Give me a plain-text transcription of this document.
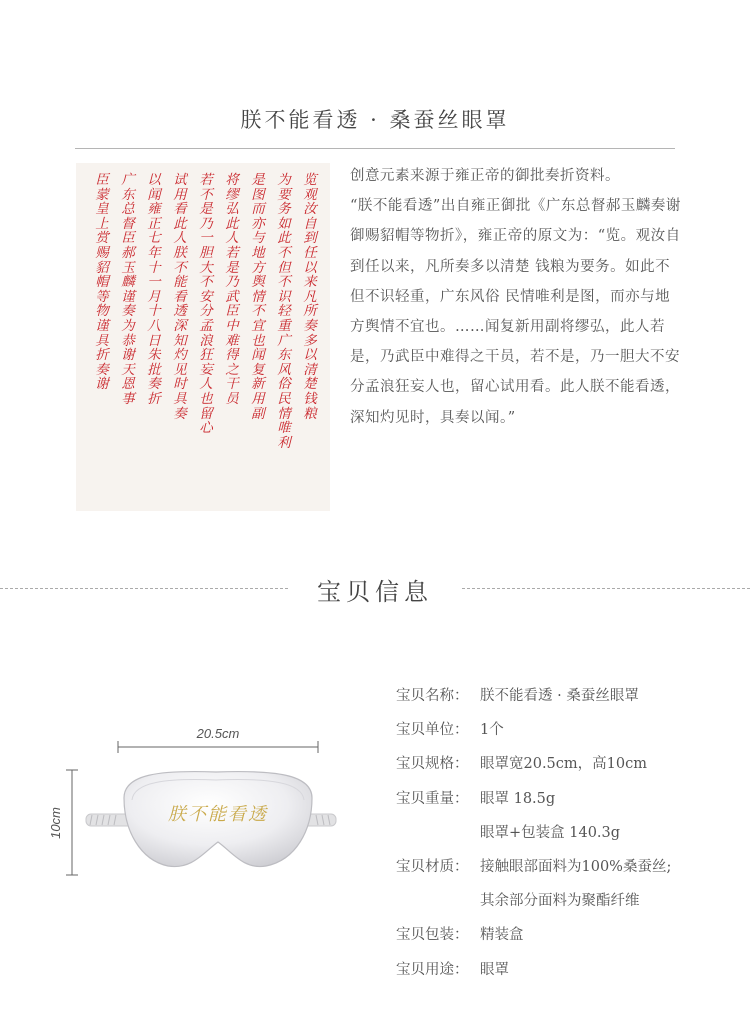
朕不能看透 · 桑蚕丝眼罩
览
观
汝
自
到
任
以
来
凡
所
奏
多
以
清
楚
钱
粮
为
要
务
如
此
不
但
不
识
轻
重
广
东
风
俗
民
情
唯
利
是
图
而
亦
与
地
方
舆
情
不
宜
也
闻
复
新
用
副
将
缪
弘
此
人
若
是
乃
武
臣
中
难
得
之
干
员
若
不
是
乃
一
胆
大
不
安
分
孟
浪
狂
妄
人
也
留
心
试
用
看
此
人
朕
不
能
看
透
深
知
灼
见
时
具
奏
以
闻
雍
正
七
年
十
一
月
十
八
日
朱
批
奏
折
广
东
总
督
臣
郝
玉
麟
谨
奏
为
恭
谢
天
恩
事
臣
蒙
皇
上
赏
赐
貂
帽
等
物
谨
具
折
奏
谢

创意元素来源于雍正帝的御批奏折资料。

“朕不能看透”出自雍正御批《广东总督郝玉麟奏谢御赐貂帽等物折》，雍正帝的原文为：“览。观汝自到任以来，凡所奏多以清楚 钱粮为要务。如此不但不识轻重，广东风俗 民情唯利是图，而亦与地方舆情不宜也。……闻复新用副将缪弘，此人若是，乃武臣中难得之干员，若不是，乃一胆大不安分孟浪狂妄人也，留心试用看。此人朕不能看透，深知灼见时，具奏以闻。”

宝贝信息
20.5cm
10cm	朕不能看透
宝贝名称： 朕不能看透 · 桑蚕丝眼罩
宝贝单位： 1个
宝贝规格： 眼罩宽20.5cm，高10cm
宝贝重量： 眼罩 18.5g
眼罩+包装盒 140.3g
宝贝材质： 接触眼部面料为100%桑蚕丝;
其余部分面料为聚酯纤维
宝贝包装： 精装盒
宝贝用途： 眼罩
